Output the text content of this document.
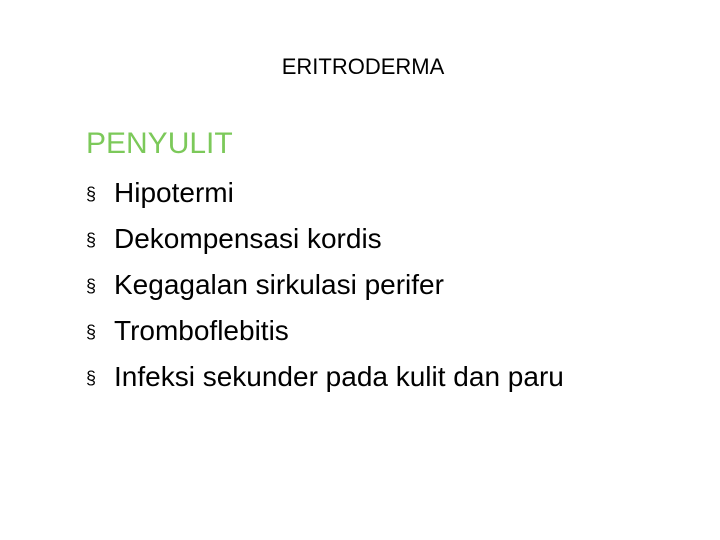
ERITRODERMA
PENYULIT
§ Hipotermi
§ Dekompensasi kordis
§ Kegagalan sirkulasi perifer
§ Tromboflebitis
§ Infeksi sekunder pada kulit dan paru
